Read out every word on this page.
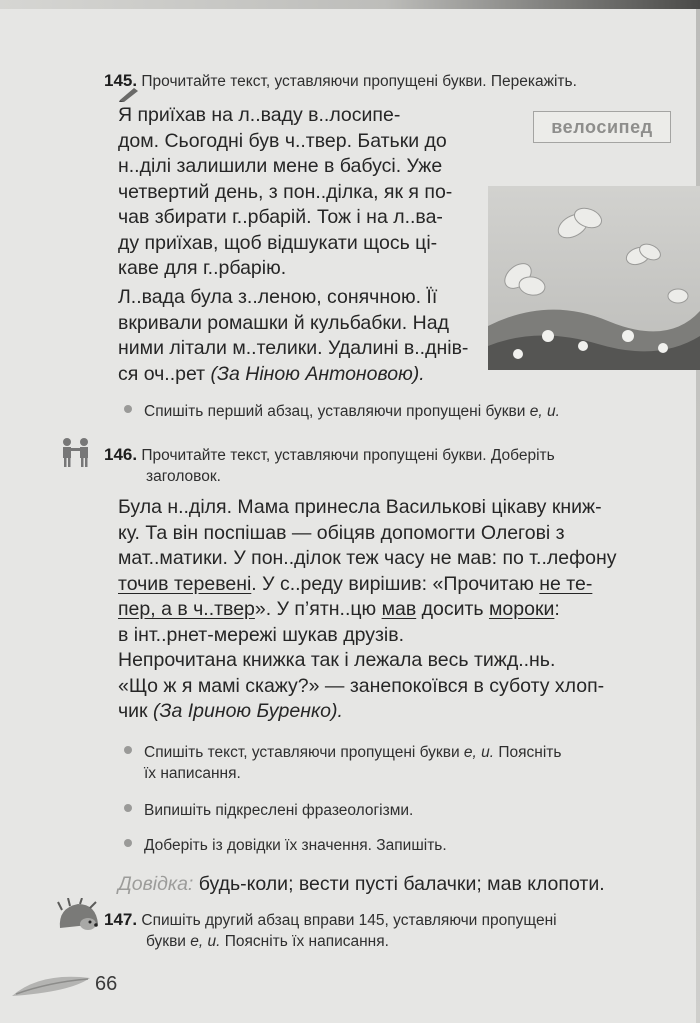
145. Прочитайте текст, уставляючи пропущені букви. Перекажіть.
велосипед
Я приїхав на л..ваду в..лосипе-
дом. Сьогодні був ч..твер. Батьки до
н..ділі залишили мене в бабусі. Уже
четвертий день, з пон..ділка, як я по-
чав збирати г..рбарій. Тож і на л..ва-
ду приїхав, щоб відшукати щось ці-
каве для г..рбарію.
Л..вада була з..леною, сонячною. Її
вкривали ромашки й кульбабки. Над
ними літали м..телики. Удалині в..днів-
ся оч..рет (За Ніною Антоновою).
Спишіть перший абзац, уставляючи пропущені букви е, и.
146. Прочитайте текст, уставляючи пропущені букви. Доберіть
заголовок.
Була н..діля. Мама принесла Васильковi цікаву книж-
ку. Та він поспішав — обіцяв допомогти Олегові з
мат..матики. У пон..ділок теж часу не мав: по т..лефону
точив теревені. У с..реду вирішив: «Прочитаю не те-
пер, а в ч..твер». У п’ятн..цю мав досить мороки:
в інт..рнет-мережі шукав друзів.
Непрочитана книжка так і лежала весь тижд..нь.
«Що ж я мамі скажу?» — занепокоївся в суботу хлоп-
чик (За Іриною Буренко).
Спишіть текст, уставляючи пропущені букви е, и. Поясніть
їх написання.
Випишіть підкреслені фразеологізми.
Доберіть із довідки їх значення. Запишіть.
Довідка: будь-коли; вести пусті балачки; мав клопоти.
147. Спишіть другий абзац вправи 145, уставляючи пропущені
букви е, и. Поясніть їх написання.
66
